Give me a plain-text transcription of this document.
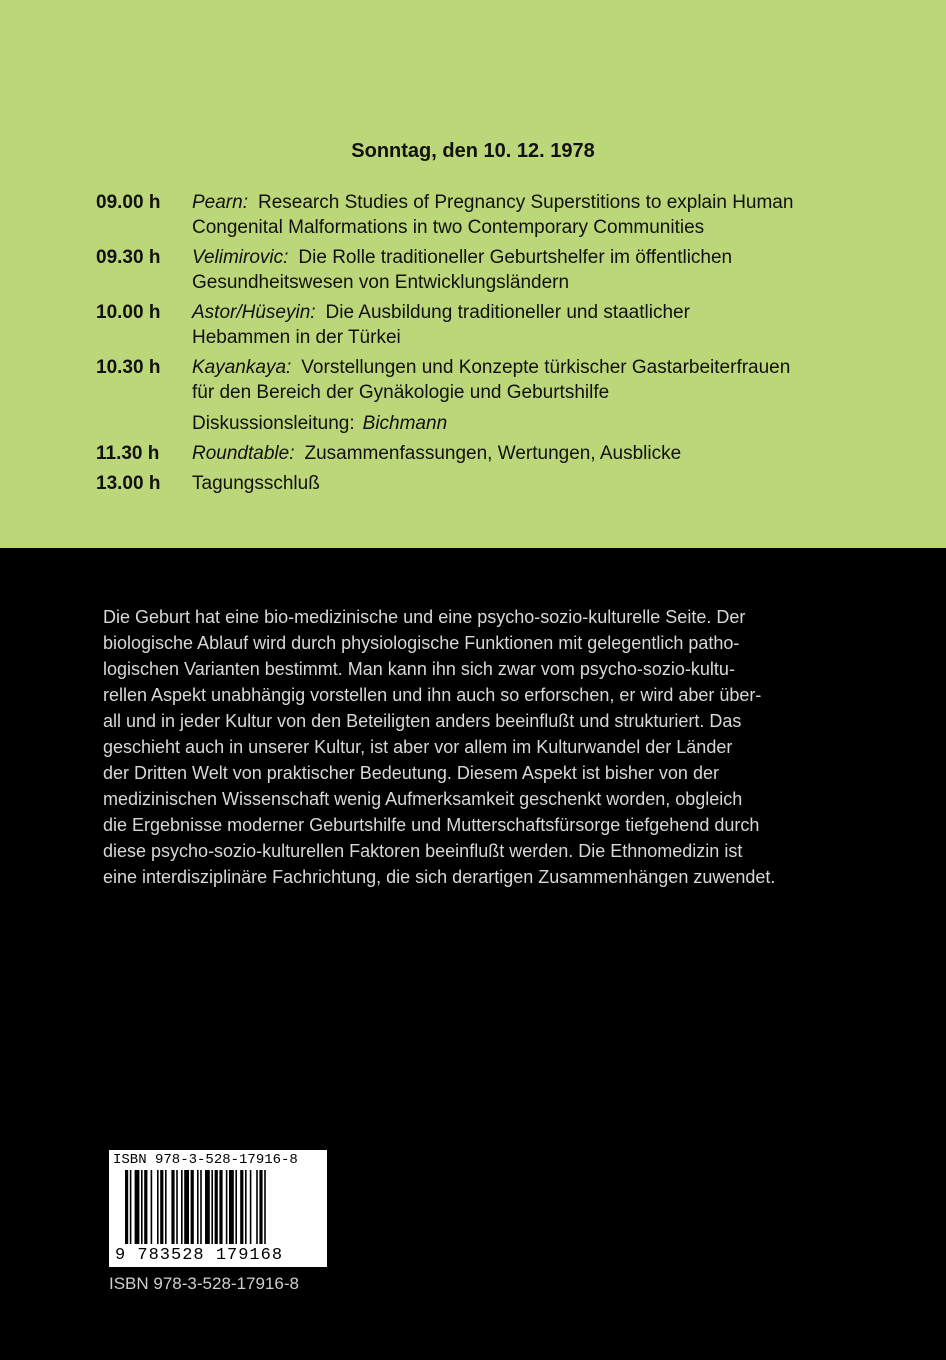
Sonntag, den 10. 12. 1978
09.00 h	Pearn: Research Studies of Pregnancy Superstitions to explain Human
Congenital Malformations in two Contemporary Communities
09.30 h	Velimirovic: Die Rolle traditioneller Geburtshelfer im öffentlichen
Gesundheitswesen von Entwicklungsländern
10.00 h	Astor/Hüseyin: Die Ausbildung traditioneller und staatlicher
Hebammen in der Türkei
10.30 h	Kayankaya: Vorstellungen und Konzepte türkischer Gastarbeiterfrauen
für den Bereich der Gynäkologie und Geburtshilfe
Diskussionsleitung: Bichmann
11.30 h	Roundtable: Zusammenfassungen, Wertungen, Ausblicke
13.00 h	Tagungsschluß
Die Geburt hat eine bio-medizinische und eine psycho-sozio-kulturelle Seite. Der
biologische Ablauf wird durch physiologische Funktionen mit gelegentlich patho-
logischen Varianten bestimmt. Man kann ihn sich zwar vom psycho-sozio-kultu-
rellen Aspekt unabhängig vorstellen und ihn auch so erforschen, er wird aber über-
all und in jeder Kultur von den Beteiligten anders beeinflußt und strukturiert. Das
geschieht auch in unserer Kultur, ist aber vor allem im Kulturwandel der Länder
der Dritten Welt von praktischer Bedeutung. Diesem Aspekt ist bisher von der
medizinischen Wissenschaft wenig Aufmerksamkeit geschenkt worden, obgleich
die Ergebnisse moderner Geburtshilfe und Mutterschaftsfürsorge tiefgehend durch
diese psycho-sozio-kulturellen Faktoren beeinflußt werden. Die Ethnomedizin ist
eine interdisziplinäre Fachrichtung, die sich derartigen Zusammenhängen zuwendet.
ISBN 978-3-528-17916-8
9 783528 179168
ISBN 978-3-528-17916-8
